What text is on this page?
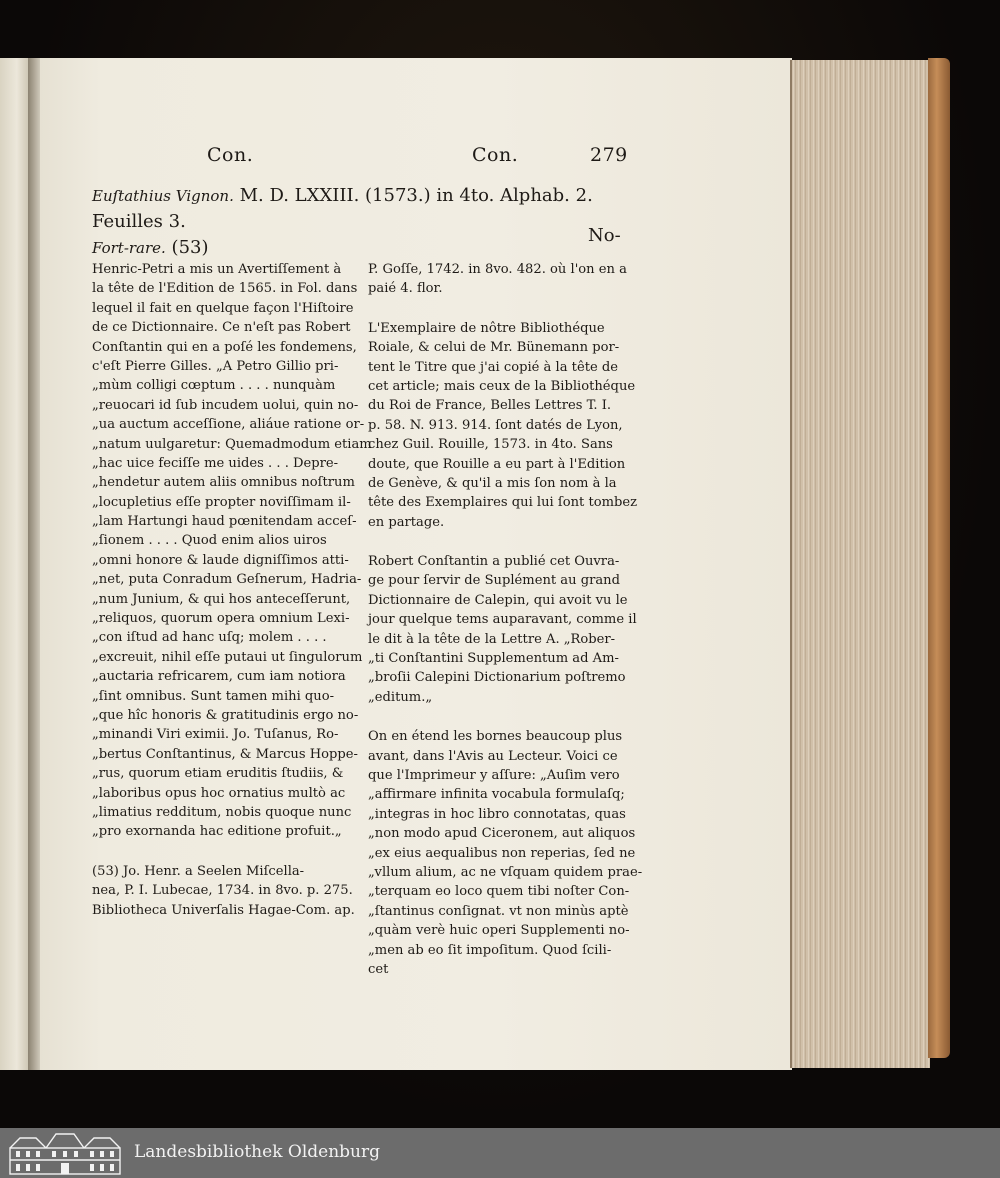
Con.	Con.	279
Euſtathius Vignon. M. D. LXXIII. (1573.) in 4to. Alphab. 2. Feuilles 3.
Fort-rare. (53)
No-
Henric-Petri a mis un Avertiſſement à
la tête de l'Edition de 1565. in Fol. dans
lequel il fait en quelque façon l'Hiſtoire
de ce Dictionnaire. Ce n'eſt pas Robert
Conſtantin qui en a poſé les fondemens,
c'eſt Pierre Gilles. „A Petro Gillio pri-
„mùm colligi cœptum . . . . nunquàm
„reuocari id ſub incudem uolui, quin no-
„ua auctum acceſſione, aliáue ratione or-
„natum uulgaretur: Quemadmodum etiam
„hac uice feciſſe me uides . . . Depre-
„hendetur autem aliis omnibus noſtrum
„locupletius eſſe propter noviſſimam il-
„lam Hartungi haud pœnitendam acceſ-
„ſionem . . . . Quod enim alios uiros
„omni honore & laude digniſſimos atti-
„net, puta Conradum Geſnerum, Hadria-
„num Junium, & qui hos anteceſſerunt,
„reliquos, quorum opera omnium Lexi-
„con iſtud ad hanc uſq; molem . . . .
„excreuit, nihil eſſe putaui ut ſingulorum
„auctaria refricarem, cum iam notiora
„ſint omnibus. Sunt tamen mihi quo-
„que hîc honoris & gratitudinis ergo no-
„minandi Viri eximii. Jo. Tuſanus, Ro-
„bertus Conſtantinus, & Marcus Hoppe-
„rus, quorum etiam eruditis ſtudiis, &
„laboribus opus hoc ornatius multò ac
„limatius redditum, nobis quoque nunc
„pro exornanda hac editione profuit.„
(53) Jo. Henr. a Seelen Miſcella-
nea, P. I. Lubecae, 1734. in 8vo. p. 275.
Bibliotheca Univerſalis Hagae-Com. ap.
P. Goſſe, 1742. in 8vo. 482. où l'on en a
paié 4. flor.
L'Exemplaire de nôtre Bibliothéque
Roiale, & celui de Mr. Bünemann por-
tent le Titre que j'ai copié à la tête de
cet article; mais ceux de la Bibliothéque
du Roi de France, Belles Lettres T. I.
p. 58. N. 913. 914. ſont datés de Lyon,
chez Guil. Rouille, 1573. in 4to. Sans
doute, que Rouille a eu part à l'Edition
de Genève, & qu'il a mis ſon nom à la
tête des Exemplaires qui lui ſont tombez
en partage.
Robert Conſtantin a publié cet Ouvra-
ge pour ſervir de Suplément au grand
Dictionnaire de Calepin, qui avoit vu le
jour quelque tems auparavant, comme il
le dit à la tête de la Lettre A. „Rober-
„ti Conſtantini Supplementum ad Am-
„broſii Calepini Dictionarium poſtremo
„editum.„
On en étend les bornes beaucoup plus
avant, dans l'Avis au Lecteur. Voici ce
que l'Imprimeur y aſſure: „Auſim vero
„affirmare infinita vocabula formulaſq;
„integras in hoc libro connotatas, quas
„non modo apud Ciceronem, aut aliquos
„ex eius aequalibus non reperias, ſed ne
„vllum alium, ac ne vſquam quidem prae-
„terquam eo loco quem tibi noſter Con-
„ſtantinus conſignat. vt non minùs aptè
„quàm verè huic operi Supplementi no-
„men ab eo ſit impoſitum. Quod ſcili-
cet
Landesbibliothek Oldenburg
